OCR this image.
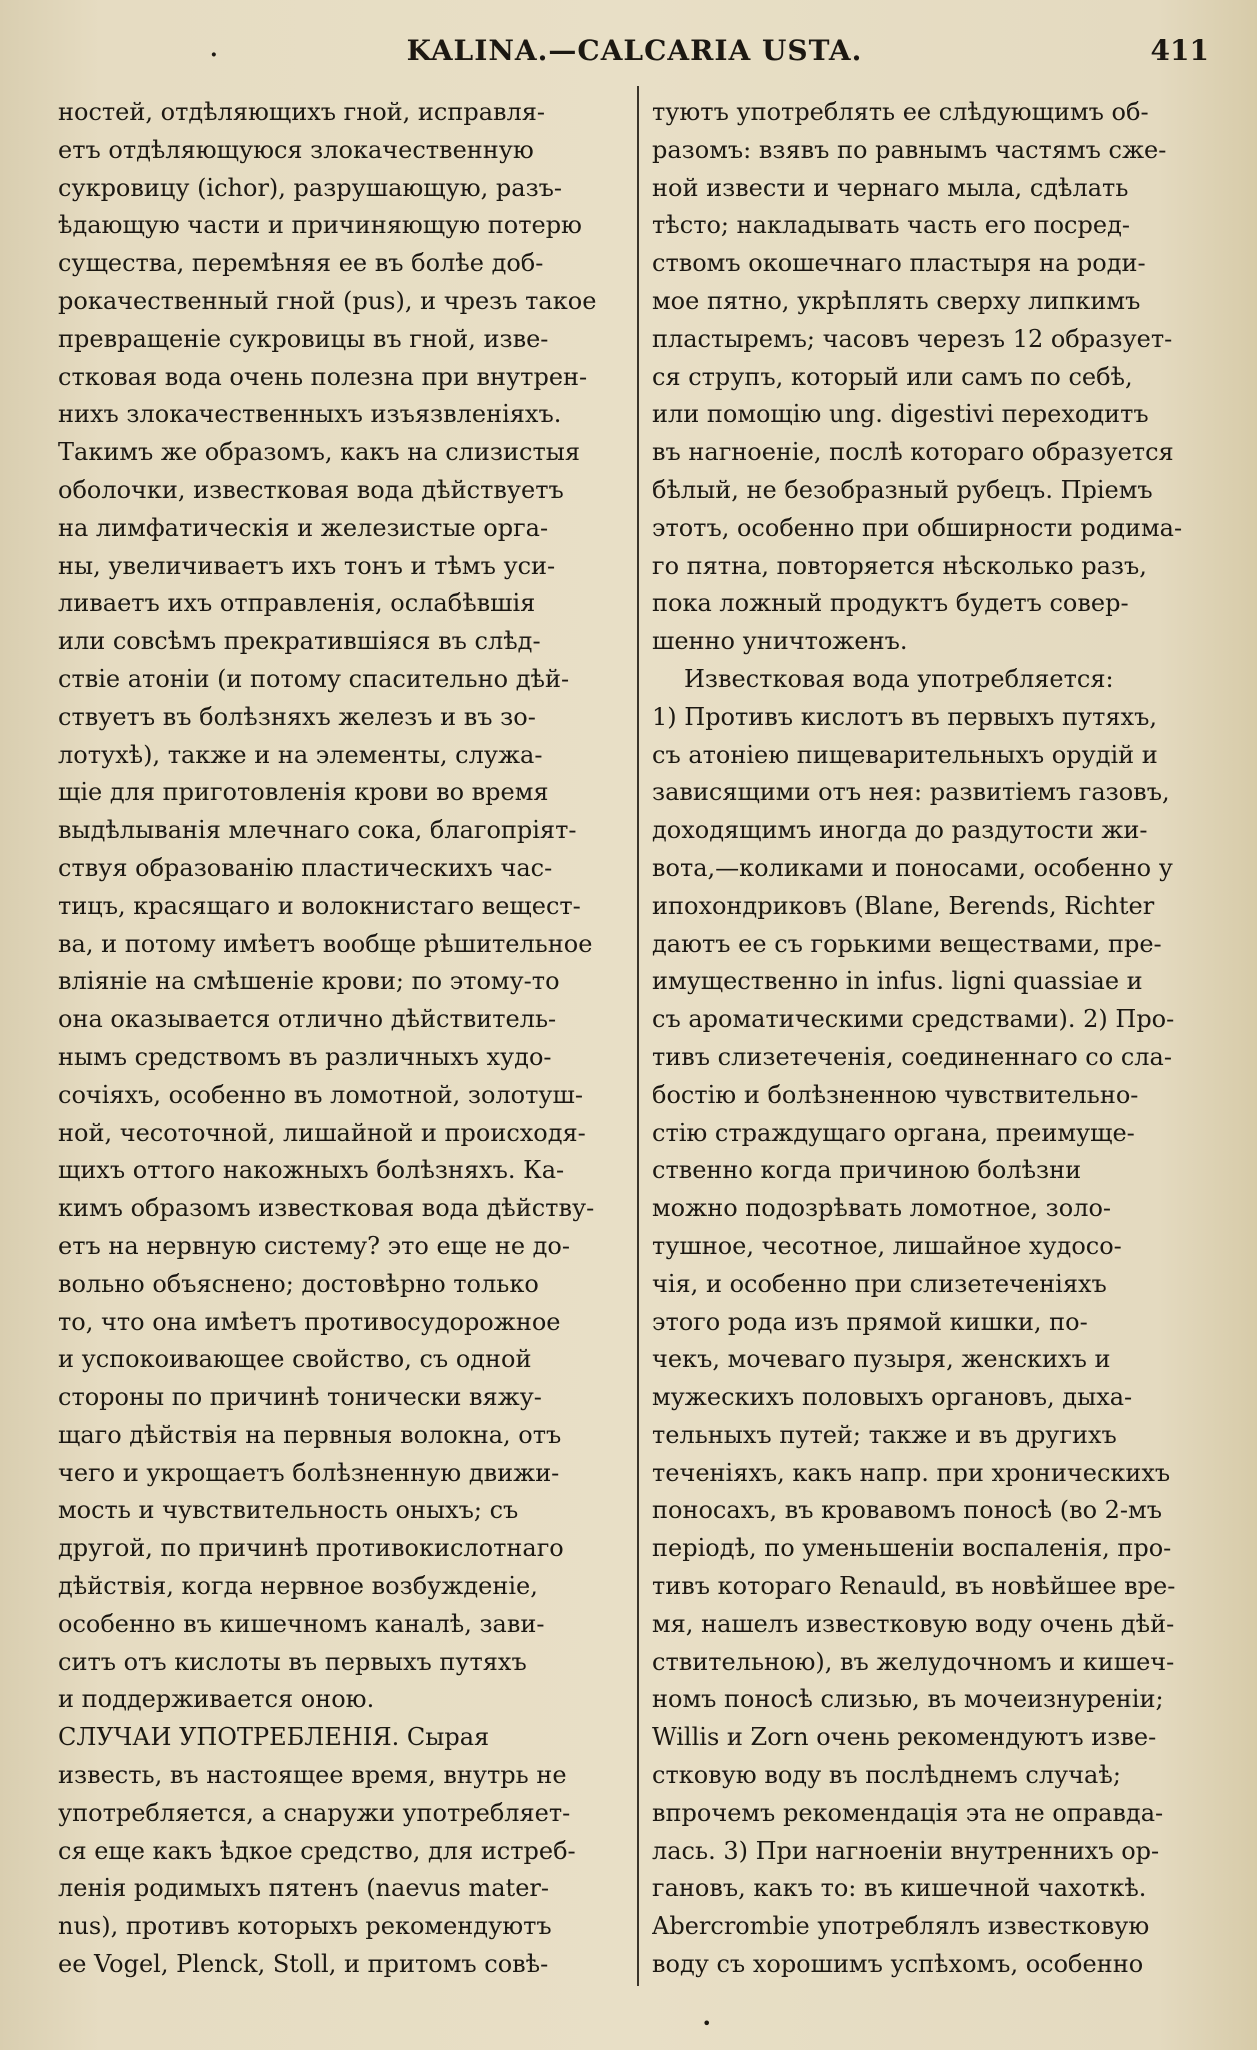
·	KALINA.—CALCARIA USTA.	411
ностей, отдѣляющихъ гной, исправля-
етъ отдѣляющуюся злокачественную
сукровицу (ichor), разрушающую, разъ-
ѣдающую части и причиняющую потерю
существа, перемѣняя ее въ болѣе доб-
рокачественный гной (pus), и чрезъ такое
превращеніе сукровицы въ гной, изве-
стковая вода очень полезна при внутрен-
нихъ злокачественныхъ изъязвленіяхъ.
Такимъ же образомъ, какъ на слизистыя
оболочки, известковая вода дѣйствуетъ
на лимфатическія и железистые орга-
ны, увеличиваетъ ихъ тонъ и тѣмъ уси-
ливаетъ ихъ отправленія, ослабѣвшія
или совсѣмъ прекратившіяся въ слѣд-
ствіе атоніи (и потому спасительно дѣй-
ствуетъ въ болѣзняхъ железъ и въ зо-
лотухѣ), также и на элементы, служа-
щіе для приготовленія крови во время
выдѣлыванія млечнаго сока, благопріят-
ствуя образованію пластическихъ час-
тицъ, красящаго и волокнистаго вещест-
ва, и потому имѣетъ вообще рѣшительное
вліяніе на смѣшеніе крови; по этому-то
она оказывается отлично дѣйствитель-
нымъ средствомъ въ различныхъ худо-
сочіяхъ, особенно въ ломотной, золотуш-
ной, чесоточной, лишайной и происходя-
щихъ оттого накожныхъ болѣзняхъ. Ка-
кимъ образомъ известковая вода дѣйству-
етъ на нервную систему? это еще не до-
вольно объяснено; достовѣрно только
то, что она имѣетъ противосудорожное
и успокоивающее свойство, съ одной
стороны по причинѣ тонически вяжу-
щаго дѣйствія на первныя волокна, отъ
чего и укрощаетъ болѣзненную движи-
мость и чувствительность оныхъ; съ
другой, по причинѣ противокислотнаго
дѣйствія, когда нервное возбужденіе,
особенно въ кишечномъ каналѣ, зави-
ситъ отъ кислоты въ первыхъ путяхъ
и поддерживается оною.
СЛУЧАИ УПОТРЕБЛЕНІЯ. Сырая
известь, въ настоящее время, внутрь не
употребляется, а снаружи употребляет-
ся еще какъ ѣдкое средство, для истреб-
ленія родимыхъ пятенъ (naevus mater-
nus), противъ которыхъ рекомендуютъ
ее Vogel, Plenck, Stoll, и притомъ совѣ-
туютъ употреблять ее слѣдующимъ об-
разомъ: взявъ по равнымъ частямъ сже-
ной извести и чернаго мыла, сдѣлать
тѣсто; накладывать часть его посред-
ствомъ окошечнаго пластыря на роди-
мое пятно, укрѣплять сверху липкимъ
пластыремъ; часовъ черезъ 12 образует-
ся струпъ, который или самъ по себѣ,
или помощію ung. digestivi переходитъ
въ нагноеніе, послѣ котораго образуется
бѣлый, не безобразный рубецъ. Пріемъ
этотъ, особенно при обширности родима-
го пятна, повторяется нѣсколько разъ,
пока ложный продуктъ будетъ совер-
шенно уничтоженъ.
Известковая вода употребляется:
1) Противъ кислотъ въ первыхъ путяхъ,
съ атоніею пищеварительныхъ орудій и
зависящими отъ нея: развитіемъ газовъ,
доходящимъ иногда до раздутости жи-
вота,—коликами и поносами, особенно у
ипохондриковъ (Blane, Berends, Richter
даютъ ее съ горькими веществами, пре-
имущественно in infus. ligni quassiae и
съ ароматическими средствами). 2) Про-
тивъ слизетеченія, соединеннаго со сла-
бостію и болѣзненною чувствительно-
стію страждущаго органа, преимуще-
ственно когда причиною болѣзни
можно подозрѣвать ломотное, золо-
тушное, чесотное, лишайное худосо-
чія, и особенно при слизетеченіяхъ
этого рода изъ прямой кишки, по-
чекъ, мочеваго пузыря, женскихъ и
мужескихъ половыхъ органовъ, дыха-
тельныхъ путей; также и въ другихъ
теченіяхъ, какъ напр. при хроническихъ
поносахъ, въ кровавомъ поносѣ (во 2-мъ
періодѣ, по уменьшеніи воспаленія, про-
тивъ котораго Renauld, въ новѣйшее вре-
мя, нашелъ известковую воду очень дѣй-
ствительною), въ желудочномъ и кишеч-
номъ поносѣ слизью, въ мочеизнуреніи;
Willis и Zorn очень рекомендуютъ изве-
стковую воду въ послѣднемъ случаѣ;
впрочемъ рекомендація эта не оправда-
лась. 3) При нагноеніи внутреннихъ ор-
гановъ, какъ то: въ кишечной чахоткѣ.
Abercrombie употреблялъ известковую
воду съ хорошимъ успѣхомъ, особенно
•
